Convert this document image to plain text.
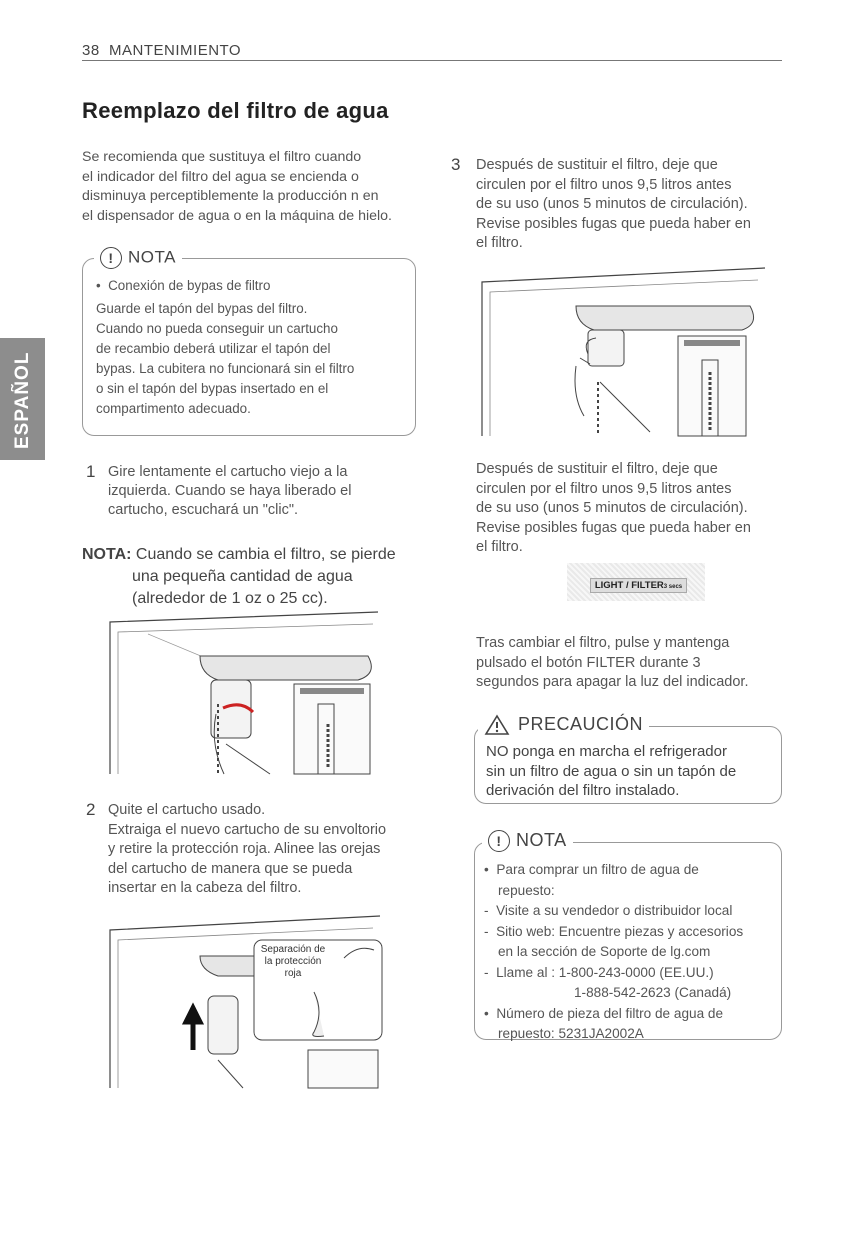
38 MANTENIMIENTO
Reemplazo del filtro de agua
ESPAÑOL
Se recomienda que sustituya el filtro cuando
el indicador del filtro del agua se encienda o
disminuya perceptiblemente la producción n en
el dispensador de agua o en la máquina de hielo.
! NOTA
•  Conexión de bypas de filtro
Guarde el tapón del bypas del filtro.
Cuando no pueda conseguir un cartucho
de recambio deberá utilizar el tapón del
bypas. La cubitera no funcionará sin el filtro
o sin el tapón del bypas insertado en el
compartimento adecuado.
1 Gire lentamente el cartucho viejo a la
izquierda. Cuando se haya liberado el
cartucho, escuchará un "clic".
NOTA: Cuando se cambia el filtro, se pierde
una pequeña cantidad de agua
(alrededor de 1 oz o 25 cc).
2 Quite el cartucho usado.
Extraiga el nuevo cartucho de su envoltorio
y retire la protección roja. Alinee las orejas
del cartucho de manera que se pueda
insertar en la cabeza del filtro.
Separación de
la protección
roja
3 Después de sustituir el filtro, deje que
circulen por el filtro unos 9,5 litros antes
de su uso (unos 5 minutos de circulación).
Revise posibles fugas que pueda haber en
el filtro.
Después de sustituir el filtro, deje que
circulen por el filtro unos 9,5 litros antes
de su uso (unos 5 minutos de circulación).
Revise posibles fugas que pueda haber en
el filtro.
LIGHT / FILTER3 secs
Tras cambiar el filtro, pulse y mantenga
pulsado el botón FILTER durante 3
segundos para apagar la luz del indicador.
PRECAUCIÓN
NO ponga en marcha el refrigerador
sin un filtro de agua o sin un tapón de
derivación del filtro instalado.
! NOTA
•  Para comprar un filtro de agua de
repuesto:
-  Visite a su vendedor o distribuidor local
-  Sitio web: Encuentre piezas y accesorios
en la sección de Soporte de lg.com
-  Llame al : 1-800-243-0000 (EE.UU.)
1-888-542-2623 (Canadá)
•  Número de pieza del filtro de agua de
repuesto: 5231JA2002A
